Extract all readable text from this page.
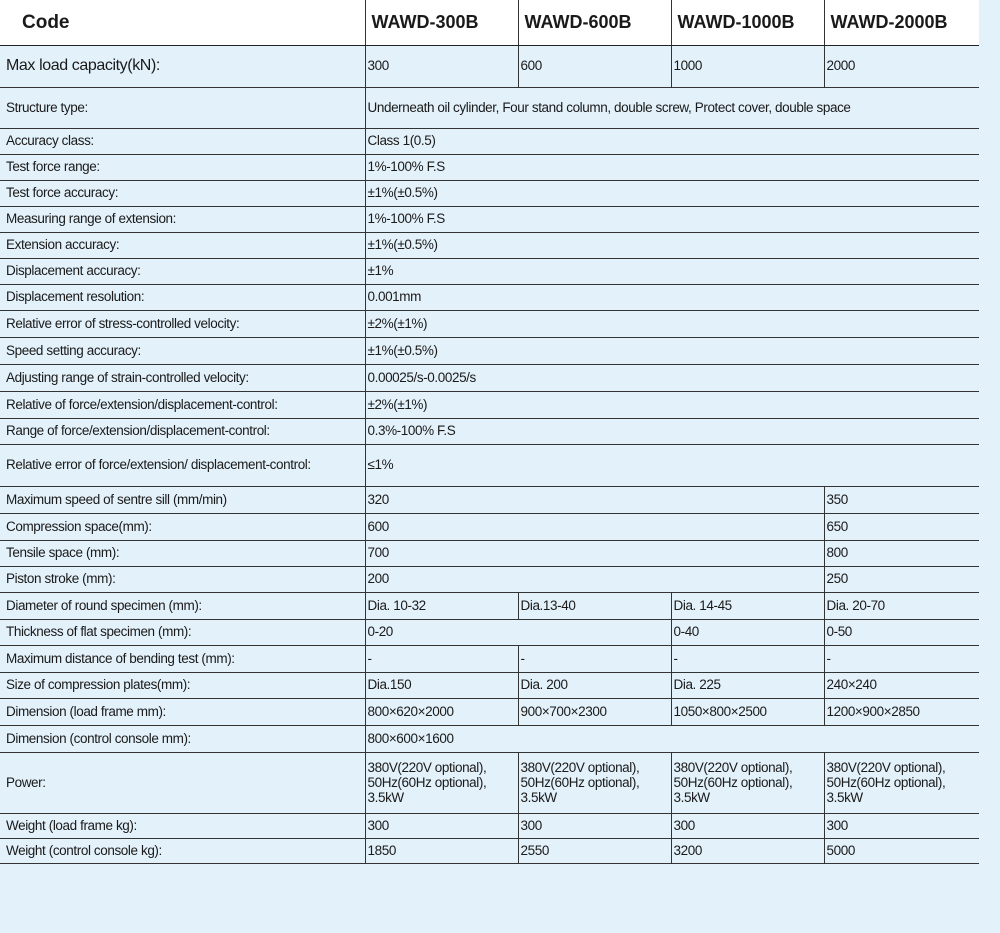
Code	WAWD-300B	WAWD-600B	WAWD-1000B	WAWD-2000B
Max load capacity(kN):	300	600	1000	2000
Structure type:	Underneath oil cylinder, Four stand column, double screw, Protect cover, double space			
Accuracy class:	Class 1(0.5)			
Test force range:	1%-100% F.S			
Test force accuracy:	±1%(±0.5%)			
Measuring range of extension:	1%-100% F.S			
Extension accuracy:	±1%(±0.5%)			
Displacement accuracy:	±1%			
Displacement resolution:	0.001mm			
Relative error of stress-controlled velocity:	±2%(±1%)			
Speed setting accuracy:	±1%(±0.5%)			
Adjusting range of strain-controlled velocity:	0.00025/s-0.0025/s			
Relative of force/extension/displacement-control:	±2%(±1%)			
Range of force/extension/displacement-control:	0.3%-100% F.S			
Relative error of force/extension/ displacement-control:	≤1%			
Maximum speed of sentre sill (mm/min)	320			350
Compression space(mm):	600			650
Tensile space (mm):	700			800
Piston stroke (mm):	200			250
Diameter of round specimen (mm):	Dia. 10-32	Dia.13-40	Dia. 14-45	Dia. 20-70
Thickness of flat specimen (mm):	0-20		0-40	0-50
Maximum distance of bending test (mm):	-	-	-	-
Size of compression plates(mm):	Dia.150	Dia. 200	Dia. 225	240×240
Dimension (load frame mm):	800×620×2000	900×700×2300	1050×800×2500	1200×900×2850
Dimension (control console mm):	800×600×1600			
Power:	380V(220V optional), 50Hz(60Hz optional), 3.5kW	380V(220V optional), 50Hz(60Hz optional), 3.5kW	380V(220V optional), 50Hz(60Hz optional), 3.5kW	380V(220V optional), 50Hz(60Hz optional), 3.5kW
Weight (load frame kg):	300	300	300	300
Weight (control console kg):	1850	2550	3200	5000
